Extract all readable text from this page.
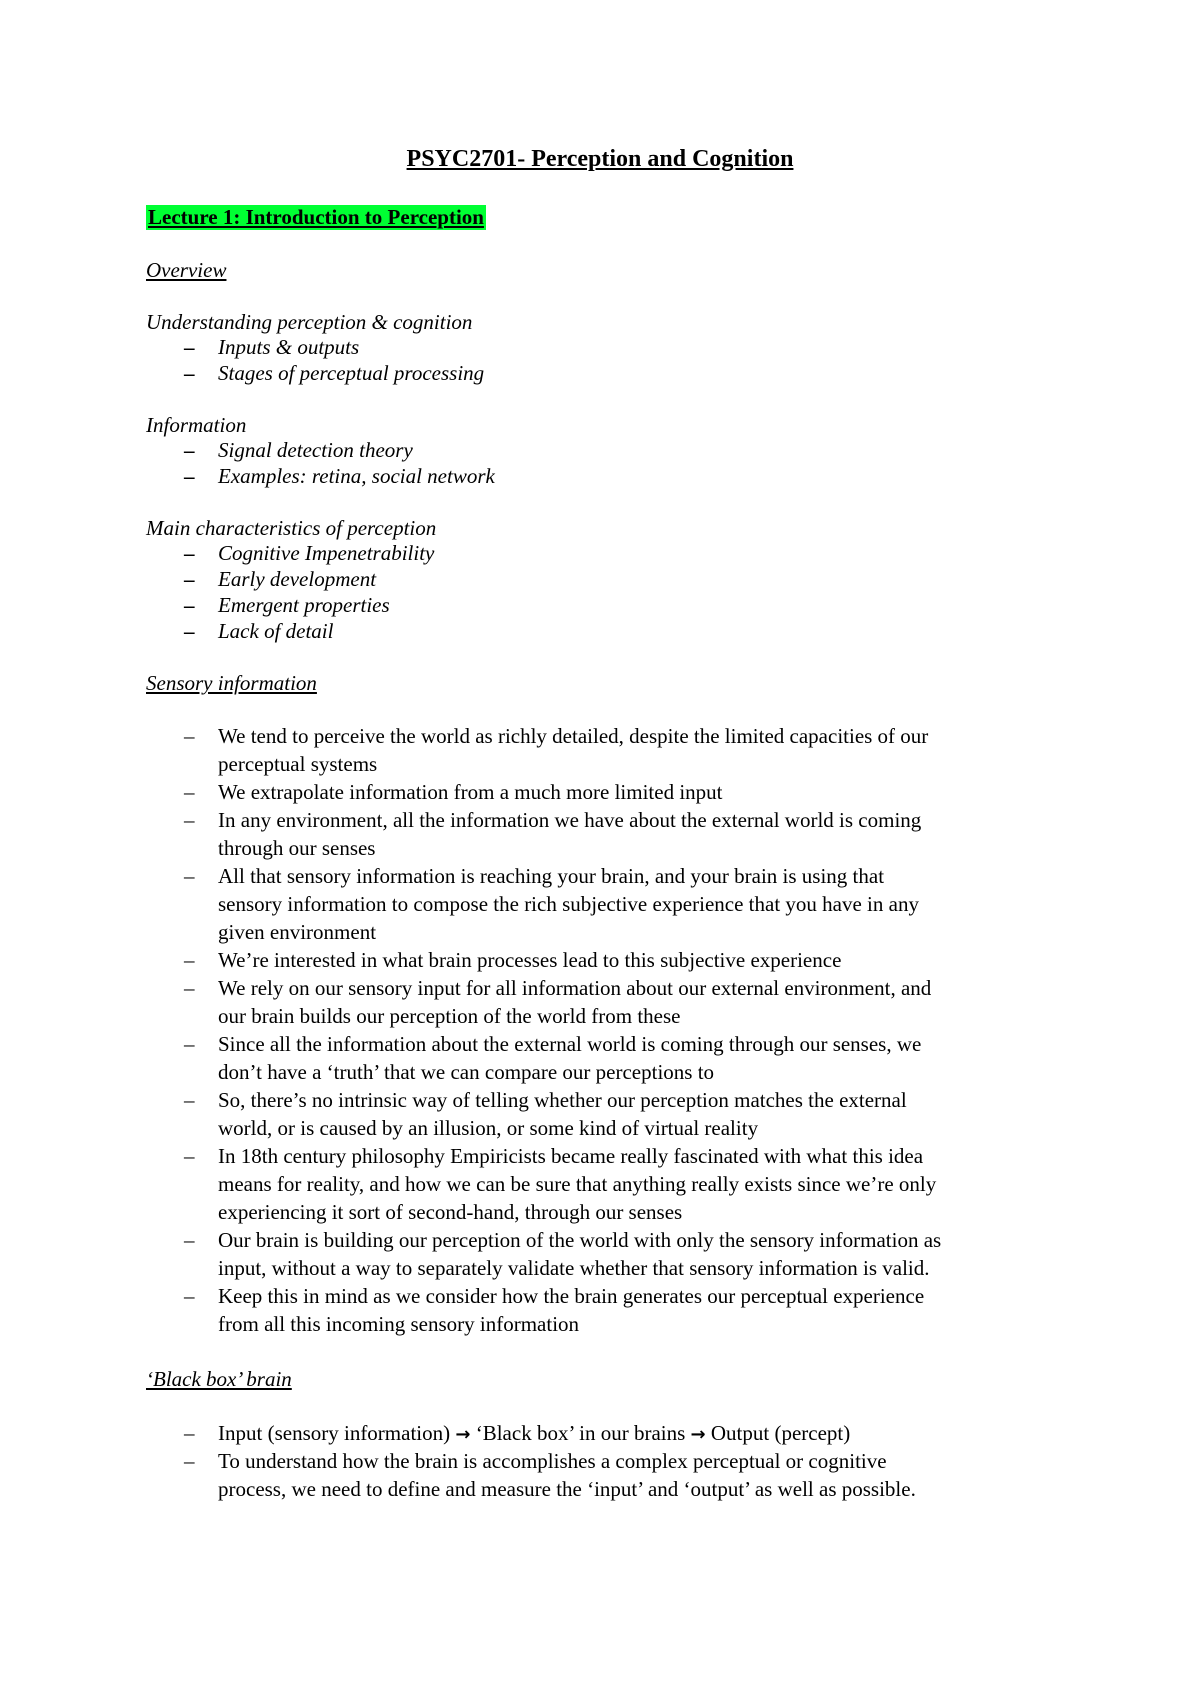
PSYC2701- Perception and Cognition
Lecture 1: Introduction to Perception
Overview
Understanding perception & cognition
–	Inputs & outputs
–	Stages of perceptual processing
Information
–	Signal detection theory
–	Examples: retina, social network
Main characteristics of perception
–	Cognitive Impenetrability
–	Early development
–	Emergent properties
–	Lack of detail
Sensory information
–	We tend to perceive the world as richly detailed, despite the limited capacities of our
perceptual systems
–	We extrapolate information from a much more limited input
–	In any environment, all the information we have about the external world is coming
through our senses
–	All that sensory information is reaching your brain, and your brain is using that
sensory information to compose the rich subjective experience that you have in any
given environment
–	We’re interested in what brain processes lead to this subjective experience
–	We rely on our sensory input for all information about our external environment, and
our brain builds our perception of the world from these
–	Since all the information about the external world is coming through our senses, we
don’t have a ‘truth’ that we can compare our perceptions to
–	So, there’s no intrinsic way of telling whether our perception matches the external
world, or is caused by an illusion, or some kind of virtual reality
–	In 18th century philosophy Empiricists became really fascinated with what this idea
means for reality, and how we can be sure that anything really exists since we’re only
experiencing it sort of second-hand, through our senses
–	Our brain is building our perception of the world with only the sensory information as
input, without a way to separately validate whether that sensory information is valid.
–	Keep this in mind as we consider how the brain generates our perceptual experience
from all this incoming sensory information
‘Black box’ brain
–	Input (sensory information) → ‘Black box’ in our brains → Output (percept)
–	To understand how the brain is accomplishes a complex perceptual or cognitive
process, we need to define and measure the ‘input’ and ‘output’ as well as possible.
